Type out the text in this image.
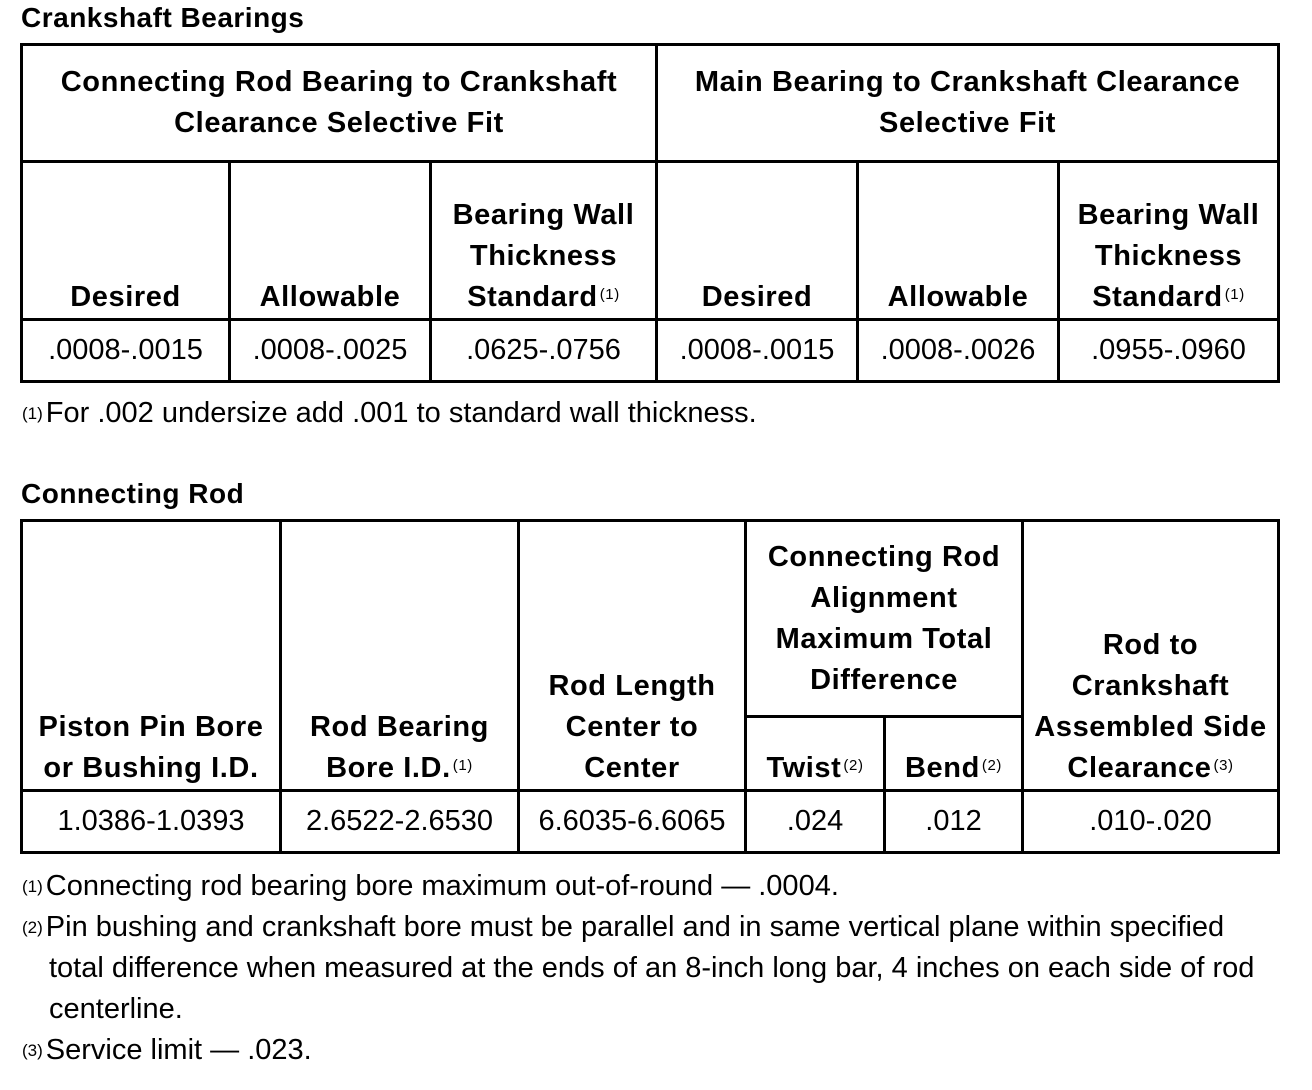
Crankshaft Bearings
Connecting Rod Bearing to Crankshaft Clearance Selective Fit			Main Bearing to Crankshaft Clearance Selective Fit		
Desired	Allowable	Bearing Wall Thickness Standard $^{(1)}$	Desired	Allowable	Bearing Wall Thickness Standard $^{(1)}$
.0008-.0015	.0008-.0025	.0625-.0756	.0008-.0015	.0008-.0026	.0955-.0960

$^{(1)}$ For .002 undersize add .001 to standard wall thickness.

Connecting Rod
Piston Pin Bore or Bushing I.D.	Rod Bearing Bore I.D. $^{(1)}$	Rod Length Center to Center	Connecting Rod Alignment Maximum Total Difference		Rod to Crankshaft Assembled Side Clearance $^{(3)}$
			Twist $^{(2)}$	Bend $^{(2)}$
1.0386-1.0393	2.6522-2.6530	6.6035-6.6065	.024	.012	.010-.020

$^{(1)}$ Connecting rod bearing bore maximum out-of-round — .0004.

$^{(2)}$ Pin bushing and crankshaft bore must be parallel and in same vertical plane within specified
total difference when measured at the ends of an 8-inch long bar, 4 inches on each side of rod centerline.

$^{(3)}$ Service limit — .023.
